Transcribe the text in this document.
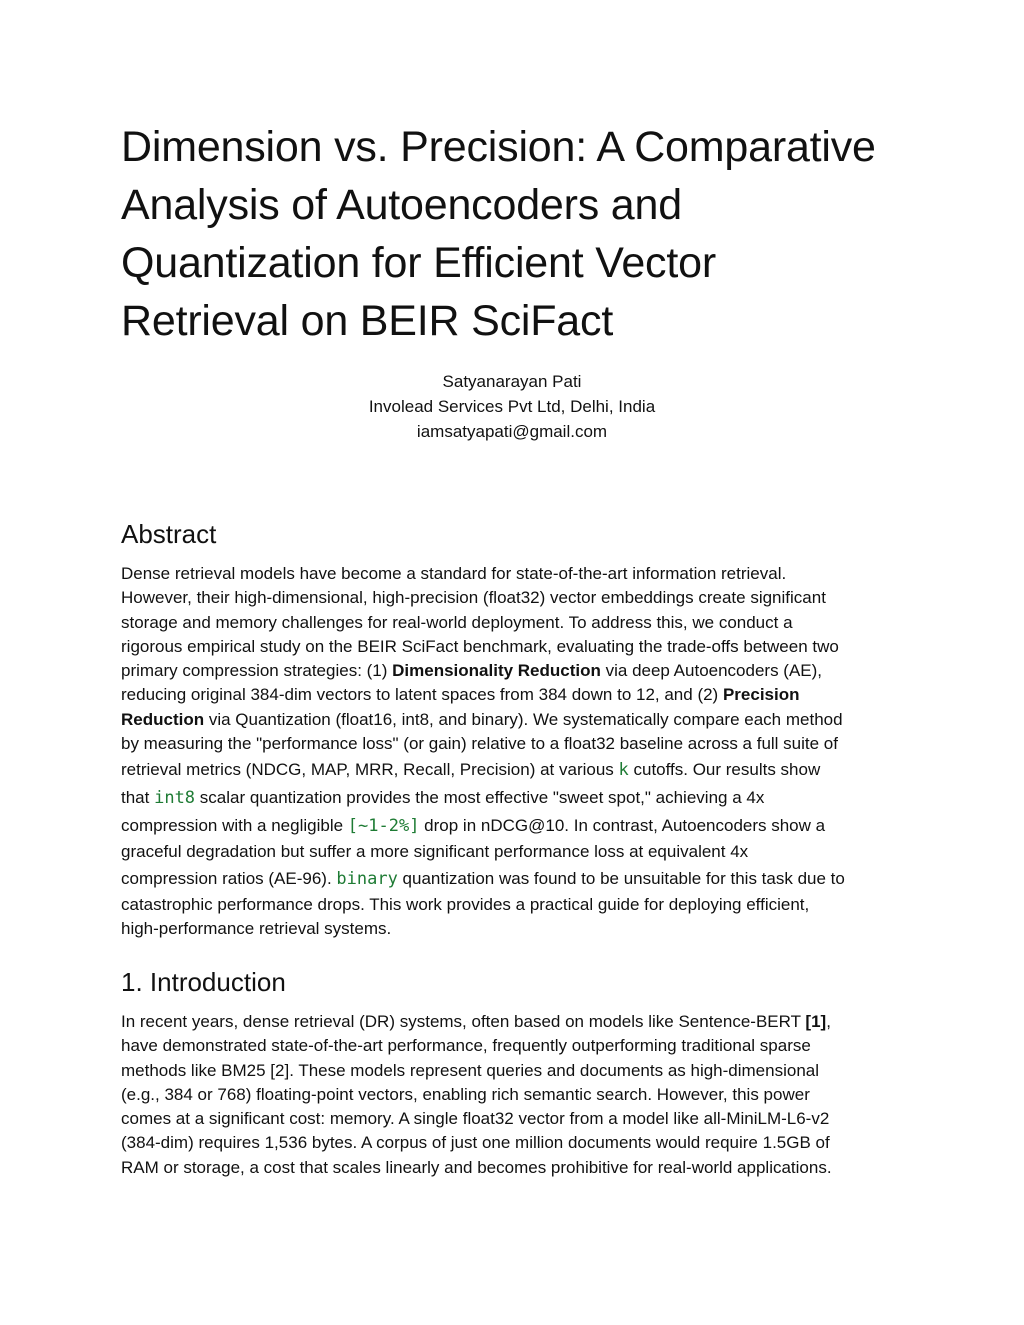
Dimension vs. Precision: A Comparative
Analysis of Autoencoders and
Quantization for Efficient Vector
Retrieval on BEIR SciFact
Satyanarayan Pati
Involead Services Pvt Ltd, Delhi, India
iamsatyapati@gmail.com
Abstract
Dense retrieval models have become a standard for state-of-the-art information retrieval.
However, their high-dimensional, high-precision (float32) vector embeddings create significant
storage and memory challenges for real-world deployment. To address this, we conduct a
rigorous empirical study on the BEIR SciFact benchmark, evaluating the trade-offs between two
primary compression strategies: (1) Dimensionality Reduction via deep Autoencoders (AE),
reducing original 384-dim vectors to latent spaces from 384 down to 12, and (2) Precision
Reduction via Quantization (float16, int8, and binary). We systematically compare each method
by measuring the "performance loss" (or gain) relative to a float32 baseline across a full suite of
retrieval metrics (NDCG, MAP, MRR, Recall, Precision) at various k cutoffs. Our results show
that int8 scalar quantization provides the most effective "sweet spot," achieving a 4x
compression with a negligible [~1-2%] drop in nDCG@10. In contrast, Autoencoders show a
graceful degradation but suffer a more significant performance loss at equivalent 4x
compression ratios (AE-96). binary quantization was found to be unsuitable for this task due to
catastrophic performance drops. This work provides a practical guide for deploying efficient,
high-performance retrieval systems.
1. Introduction
In recent years, dense retrieval (DR) systems, often based on models like Sentence-BERT [1],
have demonstrated state-of-the-art performance, frequently outperforming traditional sparse
methods like BM25 [2]. These models represent queries and documents as high-dimensional
(e.g., 384 or 768) floating-point vectors, enabling rich semantic search. However, this power
comes at a significant cost: memory. A single float32 vector from a model like all-MiniLM-L6-v2
(384-dim) requires 1,536 bytes. A corpus of just one million documents would require 1.5GB of
RAM or storage, a cost that scales linearly and becomes prohibitive for real-world applications.
